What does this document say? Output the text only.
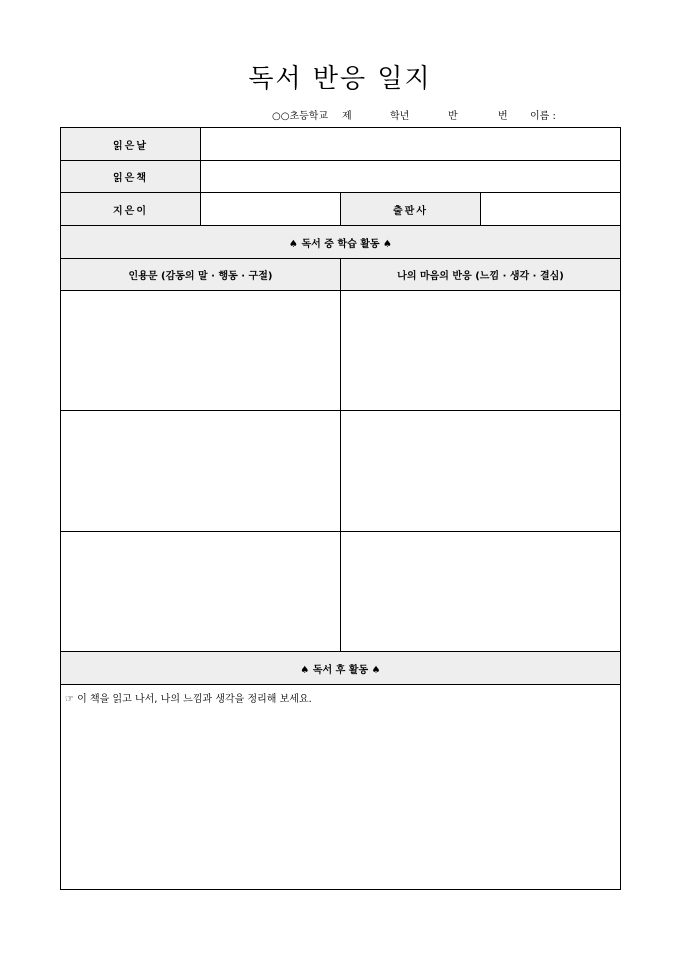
독서 반응 일지
○○초등학교 제	학년	반	번 이름 :
읽은날			
읽은책			
지은이		출판사	
♠ 독서 중 학습 활동 ♠			
인용문 (감동의 말 · 행동 · 구절)		나의 마음의 반응 (느낌 · 생각 · 결심)	

♠ 독서 후 활동 ♠			
☞ 이 책을 읽고 나서, 나의 느낌과 생각을 정리해 보세요.			
